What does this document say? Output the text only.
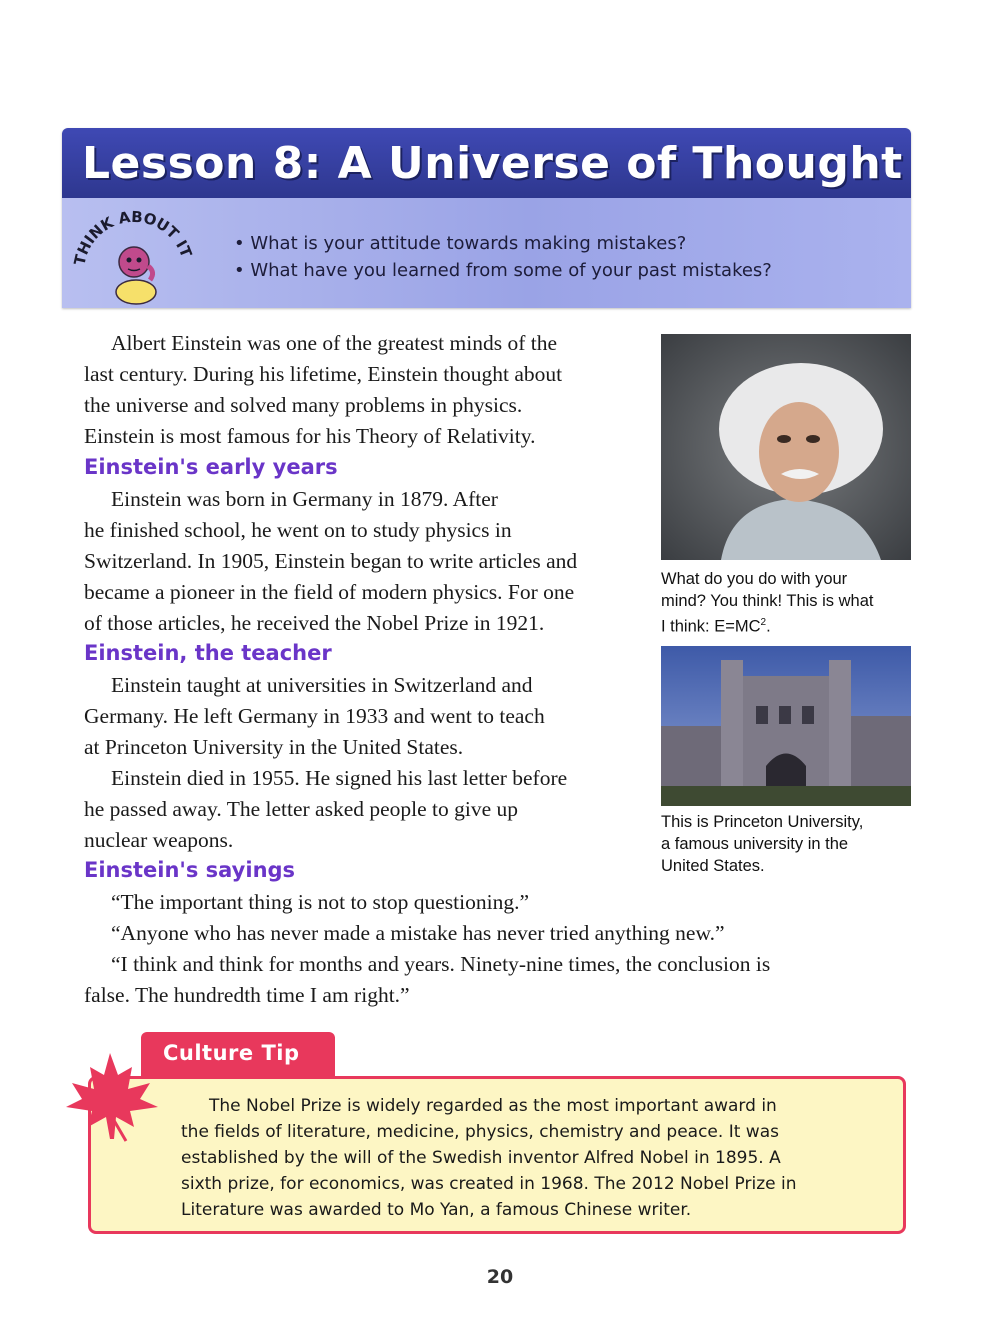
Lesson 8: A Universe of Thought
THINK ABOUT IT
•	What is your attitude towards making mistakes?
• What have you learned from some of your past mistakes?
Albert Einstein was one of the greatest minds of the
last century. During his lifetime, Einstein thought about
the universe and solved many problems in physics.
Einstein is most famous for his Theory of Relativity.
Einstein's early years
Einstein was born in Germany in 1879. After
he finished school, he went on to study physics in
Switzerland. In 1905, Einstein began to write articles and
became a pioneer in the field of modern physics. For one
of those articles, he received the Nobel Prize in 1921.
Einstein, the teacher
Einstein taught at universities in Switzerland and
Germany. He left Germany in 1933 and went to teach
at Princeton University in the United States.
Einstein died in 1955. He signed his last letter before
he passed away. The letter asked people to give up
nuclear weapons.
Einstein's sayings
“The important thing is not to stop questioning.”
“Anyone who has never made a mistake has never tried anything new.”
“I think and think for months and years. Ninety-nine times, the conclusion is
false. The hundredth time I am right.”
What do you do with your
mind? You think! This is what
I think: $E=MC^2$.
This is Princeton University,
a famous university in the
United States.
Culture Tip
The Nobel Prize is widely regarded as the most important award in
the fields of literature, medicine, physics, chemistry and peace. It was
established by the will of the Swedish inventor Alfred Nobel in 1895. A
sixth prize, for economics, was created in 1968. The 2012 Nobel Prize in
Literature was awarded to Mo Yan, a famous Chinese writer.
20
